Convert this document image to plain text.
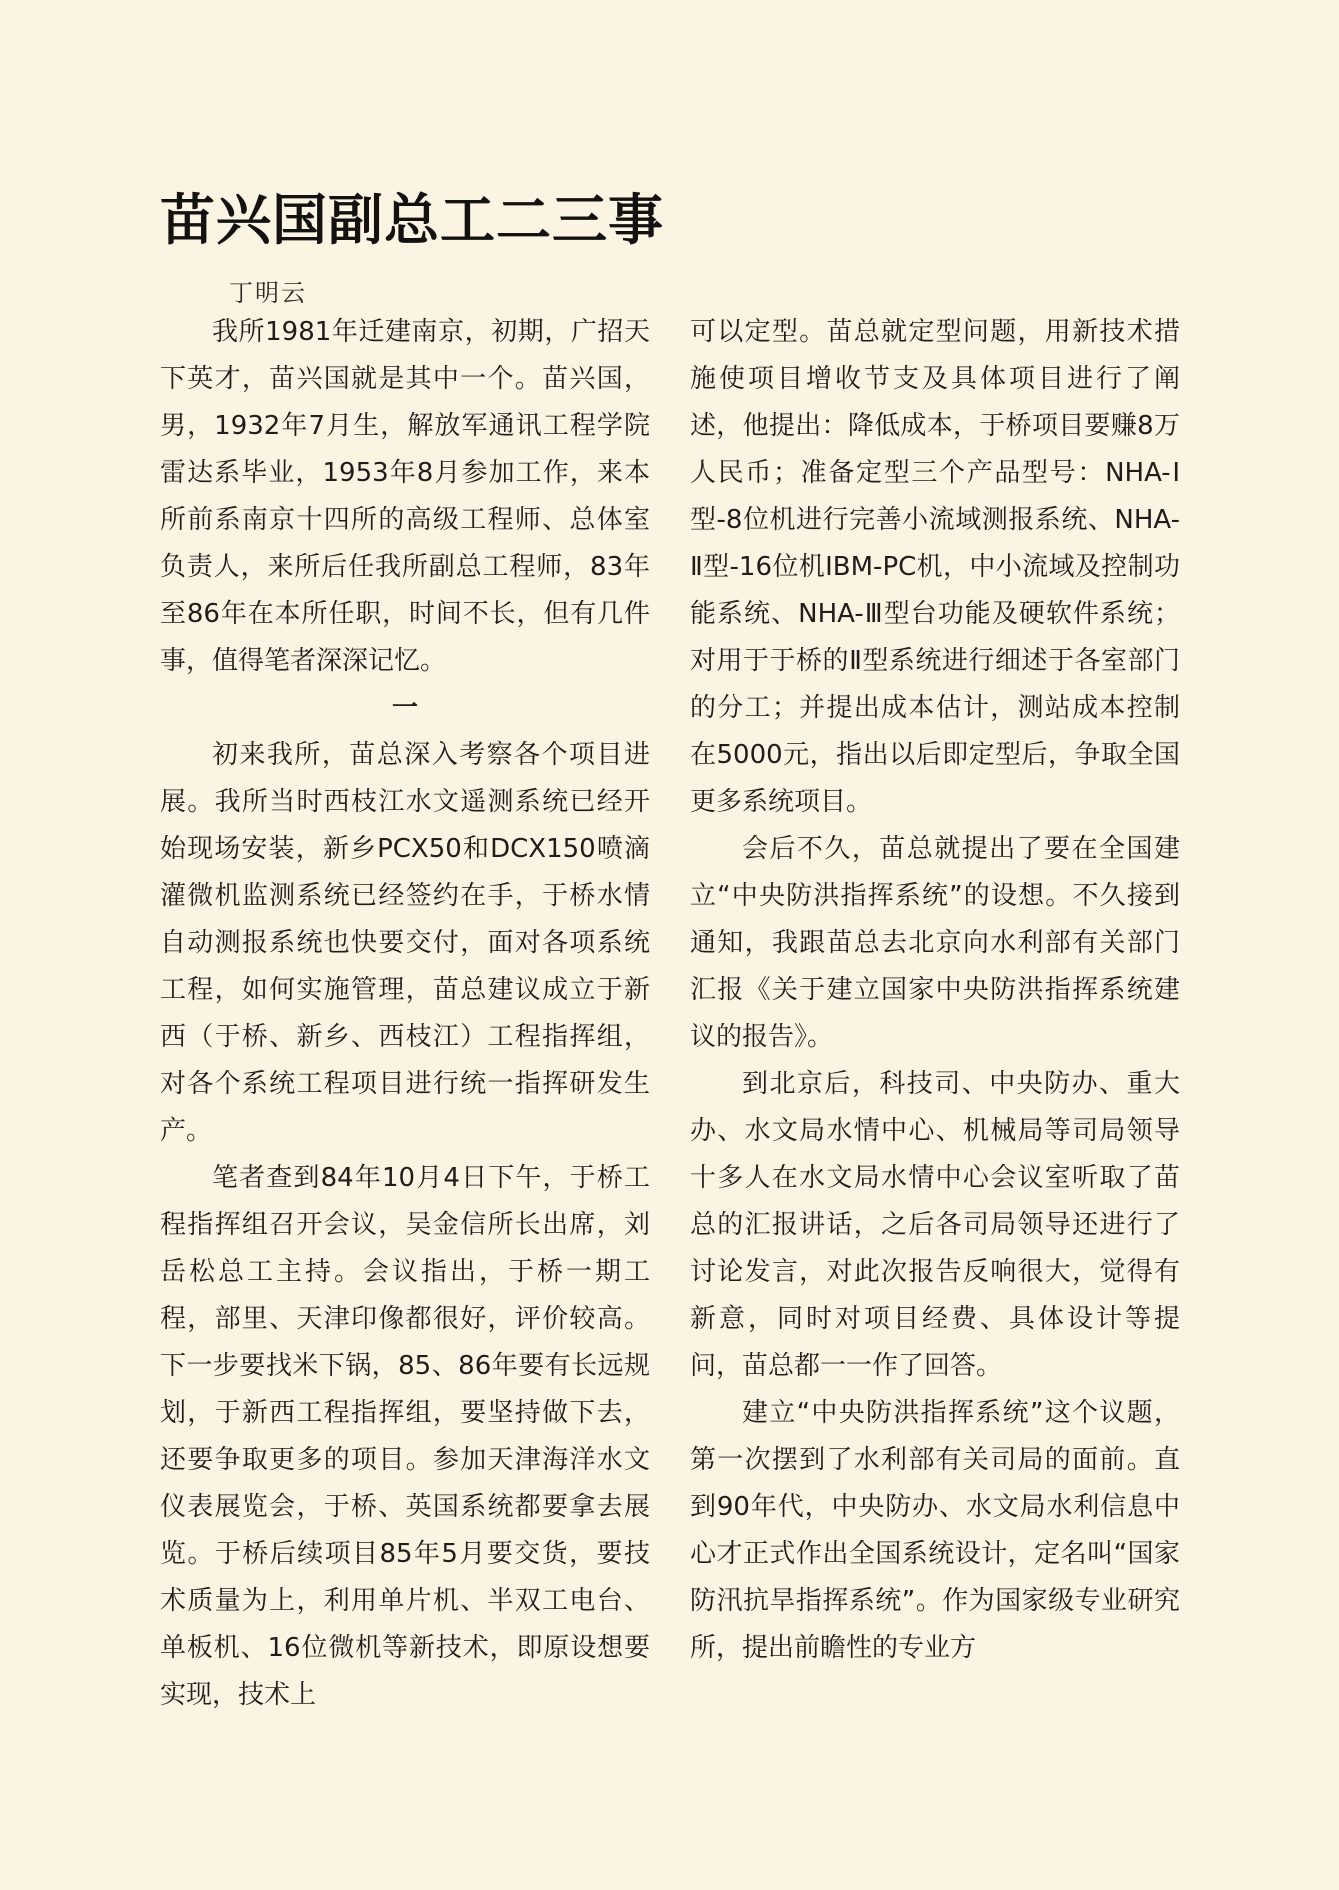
苗兴国副总工二三事
丁明云

我所1981年迁建南京，初期，广招天下英才，苗兴国就是其中一个。苗兴国，男，1932年7月生，解放军通讯工程学院雷达系毕业，1953年8月参加工作，来本所前系南京十四所的高级工程师、总体室负责人，来所后任我所副总工程师，83年至86年在本所任职，时间不长，但有几件事，值得笔者深深记忆。

一

初来我所，苗总深入考察各个项目进展。我所当时西枝江水文遥测系统已经开始现场安装，新乡PCX50和DCX150喷滴灌微机监测系统已经签约在手，于桥水情自动测报系统也快要交付，面对各项系统工程，如何实施管理，苗总建议成立于新西（于桥、新乡、西枝江）工程指挥组，对各个系统工程项目进行统一指挥研发生产。

笔者查到84年10月4日下午，于桥工程指挥组召开会议，吴金信所长出席，刘岳松总工主持。会议指出，于桥一期工程，部里、天津印像都很好，评价较高。下一步要找米下锅，85、86年要有长远规划，于新西工程指挥组，要坚持做下去，还要争取更多的项目。参加天津海洋水文仪表展览会，于桥、英国系统都要拿去展览。于桥后续项目85年5月要交货，要技术质量为上，利用单片机、半双工电台、单板机、16位微机等新技术，即原设想要实现，技术上

可以定型。苗总就定型问题，用新技术措施使项目增收节支及具体项目进行了阐述，他提出：降低成本，于桥项目要赚8万人民币；准备定型三个产品型号：NHA-Ⅰ型-8位机进行完善小流域测报系统、NHA-Ⅱ型-16位机IBM-PC机，中小流域及控制功能系统、NHA-Ⅲ型台功能及硬软件系统；对用于于桥的Ⅱ型系统进行细述于各室部门的分工；并提出成本估计，测站成本控制在5000元，指出以后即定型后，争取全国更多系统项目。

会后不久，苗总就提出了要在全国建立“中央防洪指挥系统”的设想。不久接到通知，我跟苗总去北京向水利部有关部门汇报《关于建立国家中央防洪指挥系统建议的报告》。

到北京后，科技司、中央防办、重大办、水文局水情中心、机械局等司局领导十多人在水文局水情中心会议室听取了苗总的汇报讲话，之后各司局领导还进行了讨论发言，对此次报告反响很大，觉得有新意，同时对项目经费、具体设计等提问，苗总都一一作了回答。

建立“中央防洪指挥系统”这个议题，第一次摆到了水利部有关司局的面前。直到90年代，中央防办、水文局水利信息中心才正式作出全国系统设计，定名叫“国家防汛抗旱指挥系统”。作为国家级专业研究所，提出前瞻性的专业方
